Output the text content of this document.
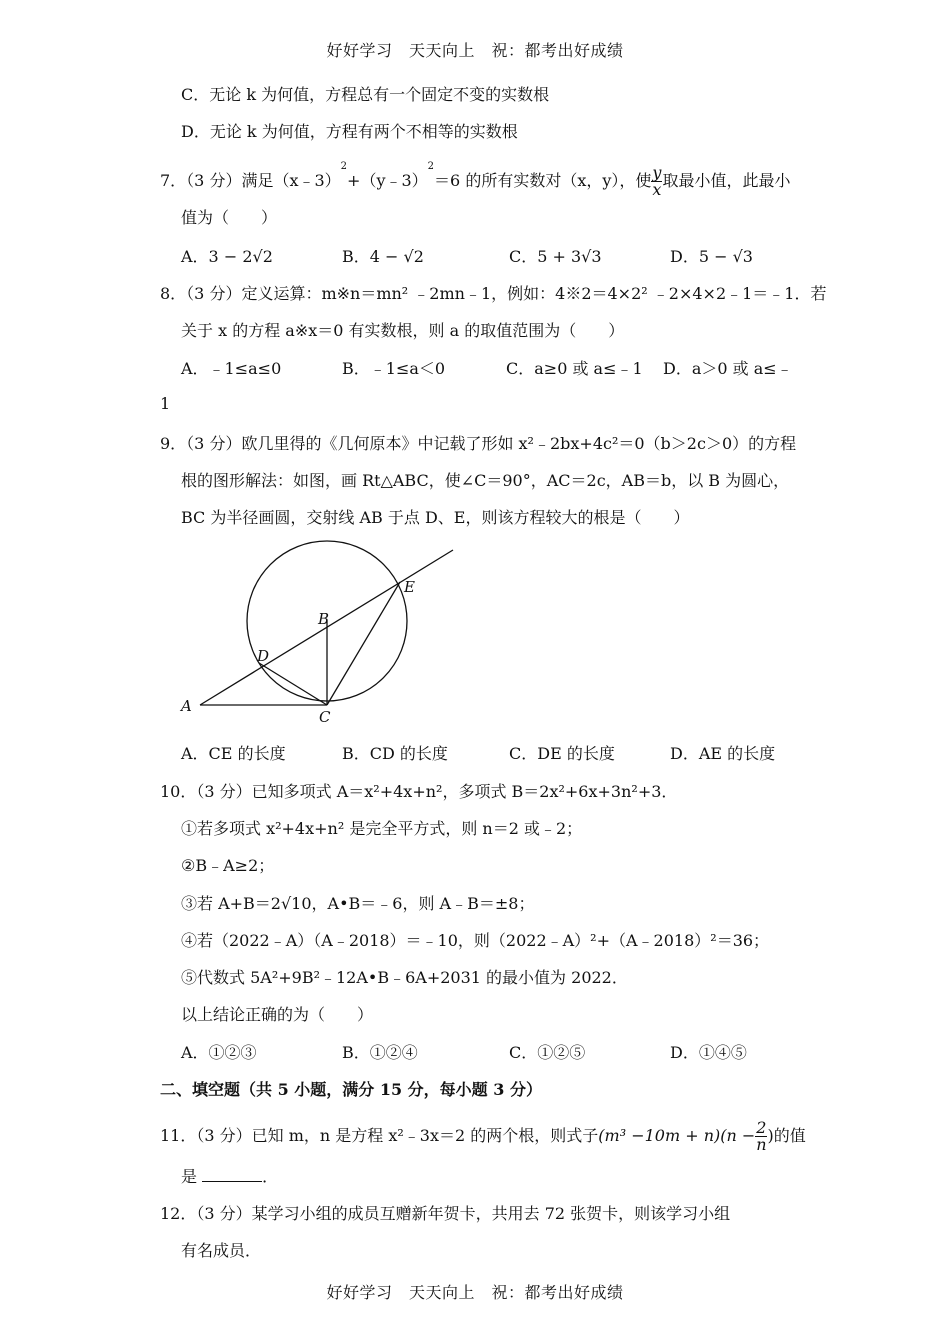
好好学习　天天向上　祝：都考出好成绩
C．无论 k 为何值，方程总有一个固定不变的实数根
D．无论 k 为何值，方程有两个不相等的实数根
7．（3 分）满足（x﹣3）$^2$+（y﹣3）$^2$＝6 的所有实数对（x，y），使 $\frac{y}{x}$ 取最小值，此最小
值为（　　）
A．3 − 2√2	B．4 − √2	C．5 + 3√3	D．5 − √3
8．（3 分）定义运算：m※n＝mn² ﹣2mn﹣1，例如：4※2＝4×2² ﹣2×4×2﹣1＝﹣1．若
关于 x 的方程 a※x＝0 有实数根，则 a 的取值范围为（　　）
A．﹣1≤a≤0	B．﹣1≤a＜0	C．a≥0 或 a≤﹣1 D．a＞0 或 a≤﹣
1
9．（3 分）欧几里得的《几何原本》中记载了形如 x²﹣2bx+4c²＝0（b＞2c＞0）的方程
根的图形解法：如图，画 Rt△ABC，使∠C＝90°，AC＝2c，AB＝b，以 B 为圆心，
BC 为半径画圆，交射线 AB 于点 D、E，则该方程较大的根是（　　）
A
B
C
D
E
A．CE 的长度	B．CD 的长度	C．DE 的长度	D．AE 的长度
10．（3 分）已知多项式 A＝x²+4x+n²，多项式 B＝2x²+6x+3n²+3．
①若多项式 x²+4x+n² 是完全平方式，则 n＝2 或﹣2；
②B﹣A≥2；
③若 A+B＝2√10，A•B＝﹣6，则 A﹣B＝±8；
④若（2022﹣A）（A﹣2018）＝﹣10，则（2022﹣A）²+（A﹣2018）²＝36；
⑤代数式 5A²+9B²﹣12A•B﹣6A+2031 的最小值为 2022．
以上结论正确的为（　　）
A．①②③	B．①②④	C．①②⑤	D．①④⑤
二、填空题（共 5 小题，满分 15 分，每小题 3 分）
11．（3 分）已知 m，n 是方程 x²﹣3x＝2 的两个根，则式子$(m^3 -10m + n)(n - \frac{2}{n}$ )的值
是	．
12．（3 分）某学习小组的成员互赠新年贺卡，共用去 72 张贺卡，则该学习小组
有名成员．
好好学习　天天向上　祝：都考出好成绩
